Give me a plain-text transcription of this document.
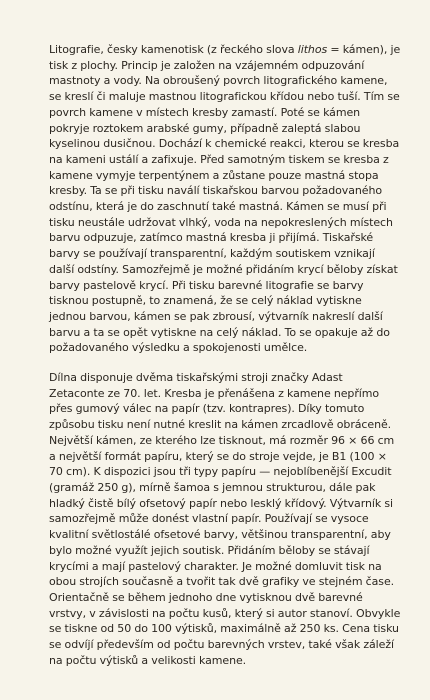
Litografie, česky kamenotisk (z řeckého slova lithos = kámen), je tisk z plochy. Princip je založen na vzájemném odpuzování mastnoty a vody. Na obroušený povrch litografického kamene, se kreslí či maluje mastnou litografickou křídou nebo tuší. Tím se povrch kamene v místech kresby zamastí. Poté se kámen pokryje roztokem arabské gumy, případně zaleptá slabou kyselinou dusičnou. Dochází k chemické reakci, kterou se kresba na kameni ustálí a zafixuje. Před samotným tiskem se kresba z kamene vymyje terpentýnem a zůstane pouze mastná stopa kresby. Ta se při tisku naválí tiskařskou barvou požadovaného odstínu, která je do zaschnutí také mastná. Kámen se musí při tisku neustále udržovat vlhký, voda na nepokreslených místech barvu odpuzuje, zatímco mastná kresba ji přijímá. Tiskařské barvy se používají transparentní, každým soutiskem vznikají další odstíny. Samozřejmě je možné přidáním krycí běloby získat barvy pastelově krycí. Při tisku barevné litografie se barvy tisknou postupně, to znamená, že se celý náklad vytiskne jednou barvou, kámen se pak zbrousí, výtvarník nakreslí další barvu a ta se opět vytiskne na celý náklad. To se opakuje až do požadovaného výsledku a spokojenosti umělce.

Dílna disponuje dvěma tiskařskými stroji značky Adast Zetaconte ze 70. let. Kresba je přenášena z kamene nepřímo přes gumový válec na papír (tzv. kontrapres). Díky tomuto způsobu tisku není nutné kreslit na kámen zrcadlově obráceně. Největší kámen, ze kterého lze tisknout, má rozměr 96 × 66 cm a největší formát papíru, který se do stroje vejde, je B1 (100 × 70 cm). K dispozici jsou tři typy papíru — nejoblíbenější Excudit (gramáž 250 g), mírně šamoa s jemnou strukturou, dále pak hladký čistě bílý ofsetový papír nebo lesklý křídový. Výtvarník si samozřejmě může donést vlastní papír. Používají se vysoce kvalitní světlostálé ofsetové barvy, většinou transparentní, aby bylo možné využít jejich soutisk. Přidáním běloby se stávají krycími a mají pastelový charakter. Je možné domluvit tisk na obou strojích současně a tvořit tak dvě grafiky ve stejném čase. Orientačně se během jednoho dne vytisknou dvě barevné vrstvy, v závislosti na počtu kusů, který si autor stanoví. Obvykle se tiskne od 50 do 100 výtisků, maximálně až 250 ks. Cena tisku se odvíjí především od počtu barevných vrstev, také však záleží na počtu výtisků a velikosti kamene.
